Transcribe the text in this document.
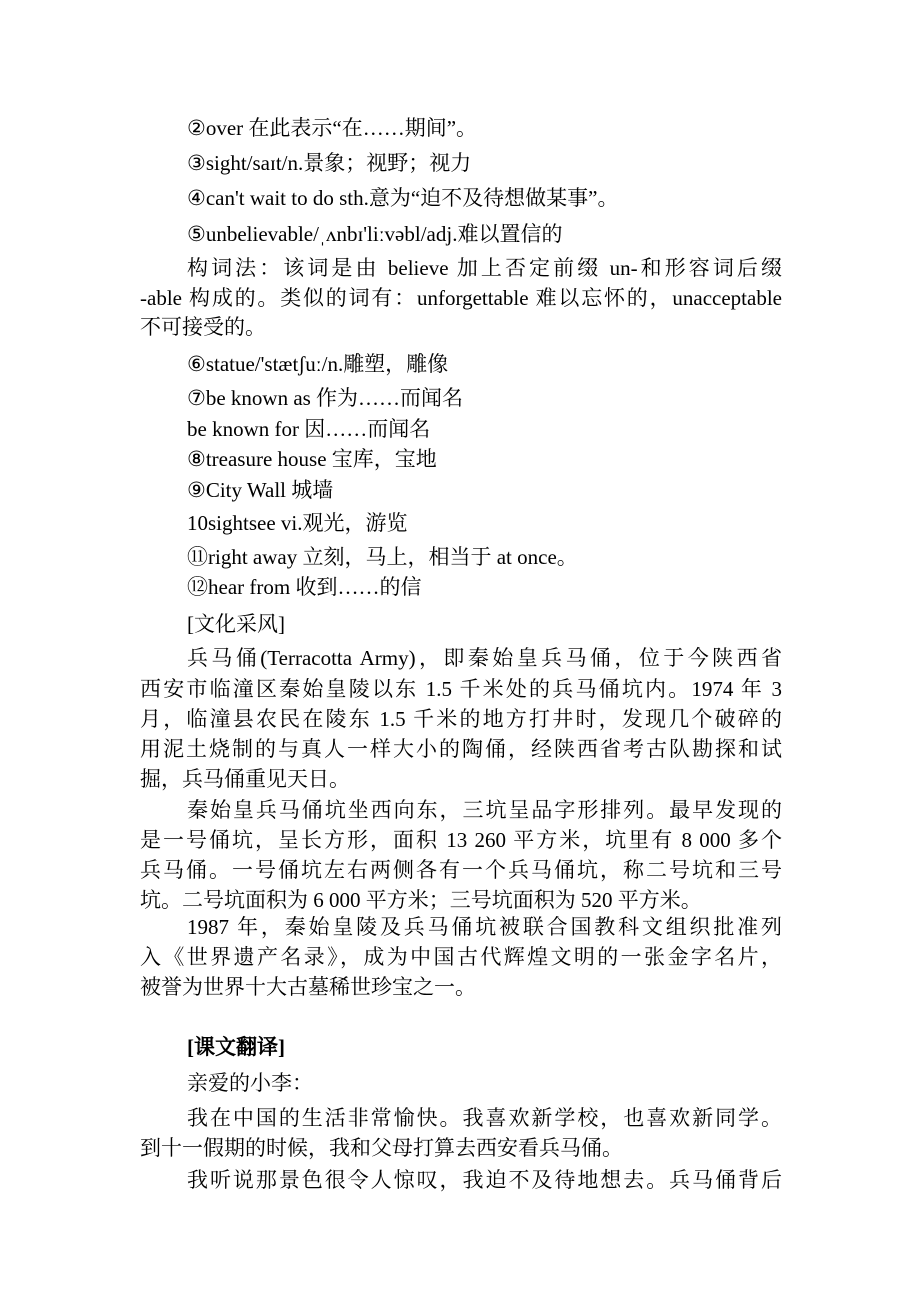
②over 在此表示“在……期间”。
③sight/saɪt/n.景象；视野；视力
④can't wait to do sth.意为“迫不及待想做某事”。
⑤unbelievable/ˌʌnbɪ'liːvəbl/adj.难以置信的
构词法：该词是由 believe 加上否定前缀 un-和形容词后缀
-able 构成的。类似的词有：unforgettable 难以忘怀的，unacceptable
不可接受的。
⑥statue/'stætʃuː/n.雕塑，雕像
⑦be known as 作为……而闻名
be known for 因……而闻名
⑧treasure house 宝库，宝地
⑨City Wall 城墙
10sightsee vi.观光，游览
⑪right away 立刻，马上，相当于 at once。
⑫hear from 收到……的信
[文化采风]
兵马俑(Terracotta Army)，即秦始皇兵马俑，位于今陕西省
西安市临潼区秦始皇陵以东 1.5 千米处的兵马俑坑内。1974 年 3
月，临潼县农民在陵东 1.5 千米的地方打井时，发现几个破碎的
用泥土烧制的与真人一样大小的陶俑，经陕西省考古队勘探和试
掘，兵马俑重见天日。
秦始皇兵马俑坑坐西向东，三坑呈品字形排列。最早发现的
是一号俑坑，呈长方形，面积 13 260 平方米，坑里有 8 000 多个
兵马俑。一号俑坑左右两侧各有一个兵马俑坑，称二号坑和三号
坑。二号坑面积为 6 000 平方米；三号坑面积为 520 平方米。
1987 年，秦始皇陵及兵马俑坑被联合国教科文组织批准列
入《世界遗产名录》，成为中国古代辉煌文明的一张金字名片，
被誉为世界十大古墓稀世珍宝之一。
[课文翻译]
亲爱的小李：
我在中国的生活非常愉快。我喜欢新学校，也喜欢新同学。
到十一假期的时候，我和父母打算去西安看兵马俑。
我听说那景色很令人惊叹，我迫不及待地想去。兵马俑背后
